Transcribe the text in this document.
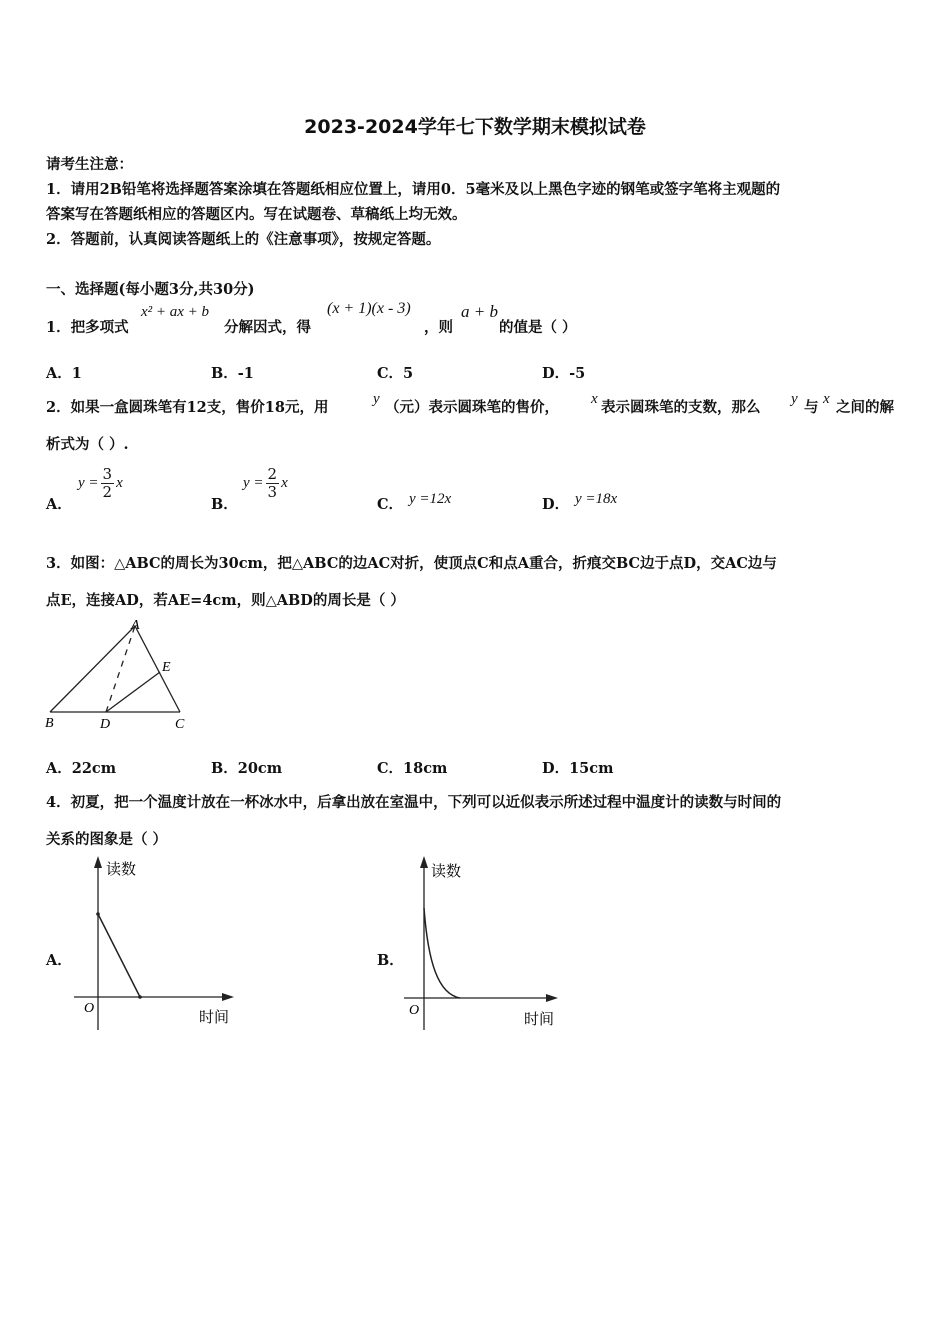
2023-2024学年七下数学期末模拟试卷
请考生注意：
1．请用2B铅笔将选择题答案涂填在答题纸相应位置上，请用0．5毫米及以上黑色字迹的钢笔或签字笔将主观题的
答案写在答题纸相应的答题区内。写在试题卷、草稿纸上均无效。
2．答题前，认真阅读答题纸上的《注意事项》，按规定答题。
一、选择题(每小题3分,共30分)
1．把多项式
x² + ax + b
分解因式，得
(x + 1)(x - 3)
，则
a + b
的值是（ ）
A．1	B．-1	C．5	D．-5
2．如果一盒圆珠笔有12支，售价18元，用	y （元）表示圆珠笔的售价， x 表示圆珠笔的支数，那么 y 与 x 之间的解
析式为（ ）.
A．
$y = \frac{3}{2}$ x
B．
$y = \frac{2}{3}$ x
C． y =12x	D． y =18x
3．如图：△ABC的周长为30cm，把△ABC的边AC对折，使顶点C和点A重合，折痕交BC边于点D，交AC边与
点E，连接AD，若AE=4cm，则△ABD的周长是（ ）
A
E
B	D	C
A．22cm	B．20cm	C．18cm	D．15cm
4．初夏，把一个温度计放在一杯冰水中，后拿出放在室温中，下列可以近似表示所述过程中温度计的读数与时间的
关系的图象是（ ）
A．
读数
O
时间
B．
读数
O
时间
